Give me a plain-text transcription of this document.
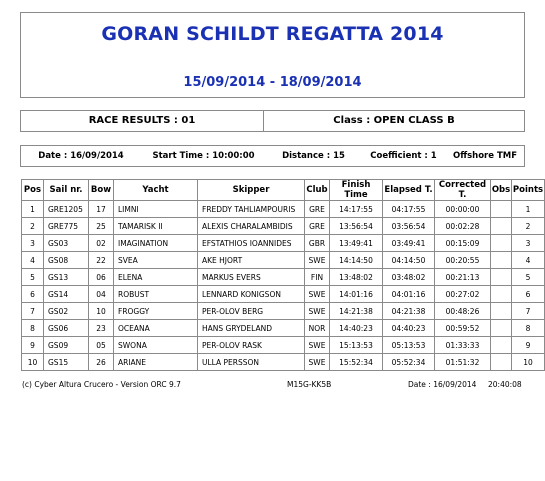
GORAN SCHILDT REGATTA 2014
15/09/2014 - 18/09/2014
RACE RESULTS : 01	Class : OPEN CLASS B
Date : 16/09/2014	Start Time : 10:00:00	Distance : 15	Coefficient : 1	Offshore TMF
Pos	Sail nr.	Bow	Yacht	Skipper	Club	Finish Time	Elapsed T.	Corrected T.	Obs	Points
1	GRE1205	17	LIMNI	FREDDY TAHLIAMPOURIS	GRE	14:17:55	04:17:55	00:00:00		1
2	GRE775	25	TAMARISK II	ALEXIS CHARALAMBIDIS	GRE	13:56:54	03:56:54	00:02:28		2
3	GS03	02	IMAGINATION	EFSTATHIOS IOANNIDES	GBR	13:49:41	03:49:41	00:15:09		3
4	GS08	22	SVEA	AKE HJORT	SWE	14:14:50	04:14:50	00:20:55		4
5	GS13	06	ELENA	MARKUS EVERS	FIN	13:48:02	03:48:02	00:21:13		5
6	GS14	04	ROBUST	LENNARD KONIGSON	SWE	14:01:16	04:01:16	00:27:02		6
7	GS02	10	FROGGY	PER-OLOV BERG	SWE	14:21:38	04:21:38	00:48:26		7
8	GS06	23	OCEANA	HANS GRYDELAND	NOR	14:40:23	04:40:23	00:59:52		8
9	GS09	05	SWONA	PER-OLOV RASK	SWE	15:13:53	05:13:53	01:33:33		9
10	GS15	26	ARIANE	ULLA PERSSON	SWE	15:52:34	05:52:34	01:51:32		10
(c) Cyber Altura Crucero - Version ORC 9.7	M15G-KK5B	Date : 16/09/2014 20:40:08
